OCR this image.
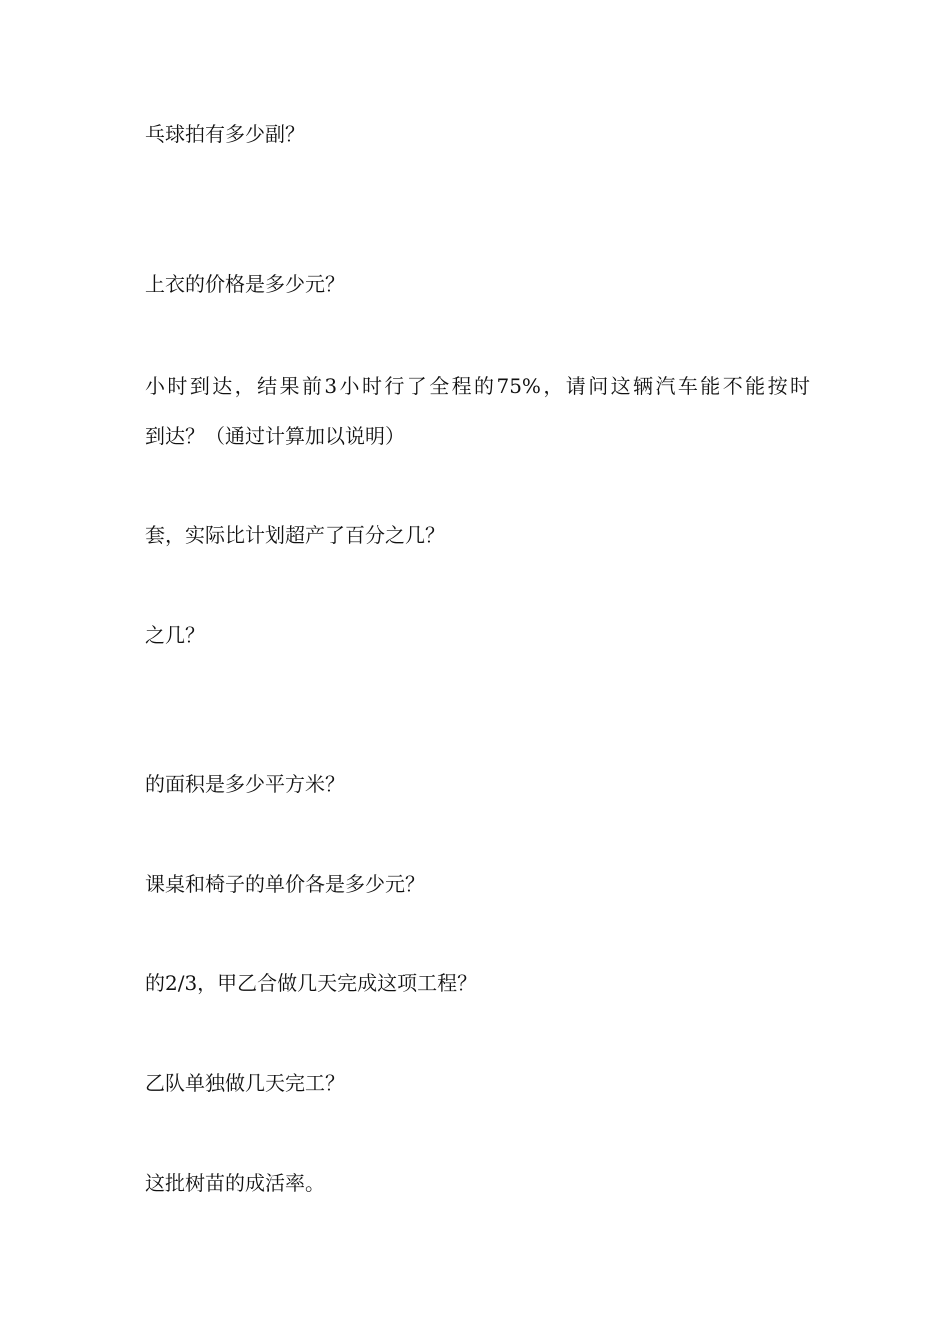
乓球拍有多少副？
上衣的价格是多少元？
小时到达，结果前3小时行了全程的75%，请问这辆汽车能不能按时
到达？（通过计算加以说明）
套，实际比计划超产了百分之几？
之几？
的面积是多少平方米？
课桌和椅子的单价各是多少元？
的2/3，甲乙合做几天完成这项工程？
乙队单独做几天完工？
这批树苗的成活率。
